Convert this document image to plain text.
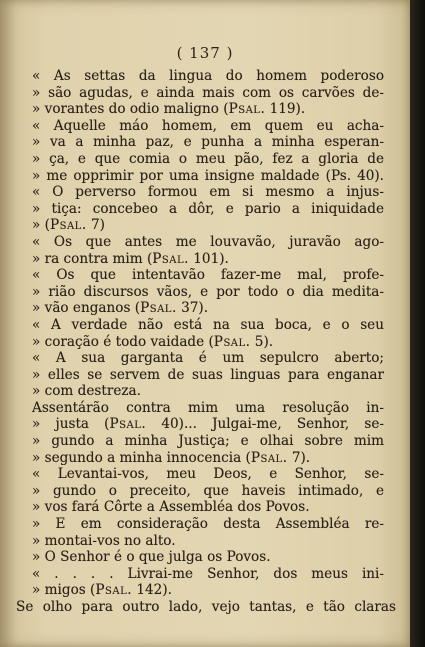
( 137 )
« As settas da lingua do homem poderoso
» são agudas, e ainda mais com os carvões de-
» vorantes do odio maligno (Psal. 119).
« Aquelle máo homem, em quem eu acha-
» va a minha paz, e punha a minha esperan-
» ça, e que comia o meu pão, fez a gloria de
» me opprimir por uma insigne maldade (Ps. 40).
« O perverso formou em si mesmo a injus-
» tiça: concebeo a dôr, e pario a iniquidade
» (Psal. 7)
« Os que antes me louvavão, juravão ago-
» ra contra mim (Psal. 101).
« Os que intentavão fazer-me mal, profe-
» rião discursos vãos, e por todo o dia medita-
» vão enganos (Psal. 37).
« A verdade não está na sua boca, e o seu
» coração é todo vaidade (Psal. 5).
« A sua garganta é um sepulcro aberto;
» elles se servem de suas linguas para enganar
» com destreza.
Assentárão contra mim uma resolução in-
» justa (Psal. 40)... Julgai-me, Senhor, se-
» gundo a minha Justiça; e olhai sobre mim
» segundo a minha innocencia (Psal. 7).
« Levantai-vos, meu Deos, e Senhor, se-
» gundo o preceito, que haveis intimado, e
» vos fará Côrte a Assembléa dos Povos.
» E em consideração desta Assembléa re-
» montai-vos no alto.
» O Senhor é o que julga os Povos.
« . . . . Livrai-me Senhor, dos meus ini-
» migos (Psal. 142).
Se olho para outro lado, vejo tantas, e tão claras
